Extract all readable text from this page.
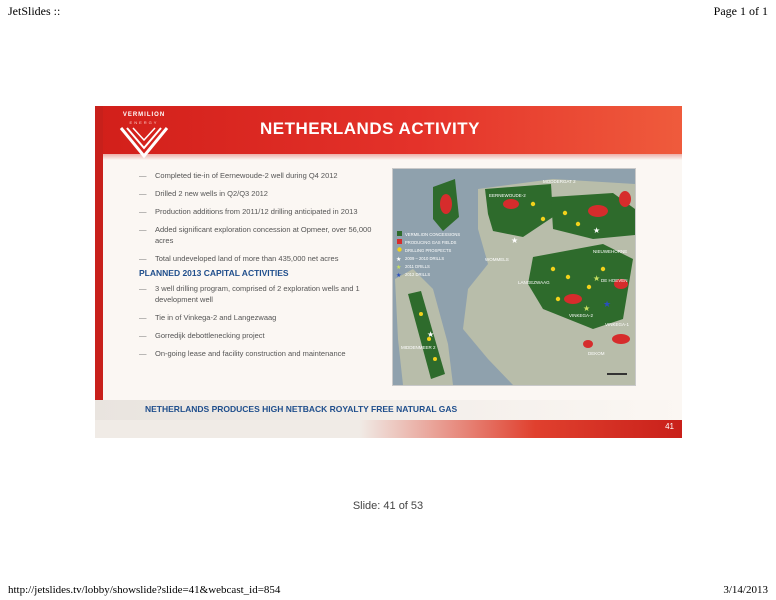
JetSlides ::	Page 1 of 1
VERMILION
ENERGY	NETHERLANDS ACTIVITY
— Completed tie-in of Eernewoude-2 well during Q4 2012
— Drilled 2 new wells in Q2/Q3 2012
— Production additions from 2011/12 drilling anticipated in 2013
— Added significant exploration concession at Opmeer, over 56,000 acres
— Total undeveloped land of more than 435,000 net acres
PLANNED 2013 CAPITAL ACTIVITIES
— 3 well drilling program, comprised of 2 exploration wells and 1 development well
— Tie in of Vinkega-2 and Langezwaag
— Gorredijk debottlenecking project
— On-going lease and facility construction and maintenance
★
★
★
★
★
★
VERMILION CONCESSIONS
PRODUCING GAS FIELDS
DRILLING PROSPECTS
★ 2009 – 2010 DRILLS
★ 2011 DRILLS
★ 2012 DRILLS
MODDERGAT 2
EERNEWOUDE-2
WOMMELS
NIEUWEHORNE
DE HOEVEN
LANGEZWAAG
VINKEGA-2
VINKEGA-1
DEKOM
MIDDENMEER 2
NETHERLANDS PRODUCES HIGH NETBACK ROYALTY FREE NATURAL GAS
41
Slide: 41 of 53
http://jetslides.tv/lobby/showslide?slide=41&webcast_id=854	3/14/2013
